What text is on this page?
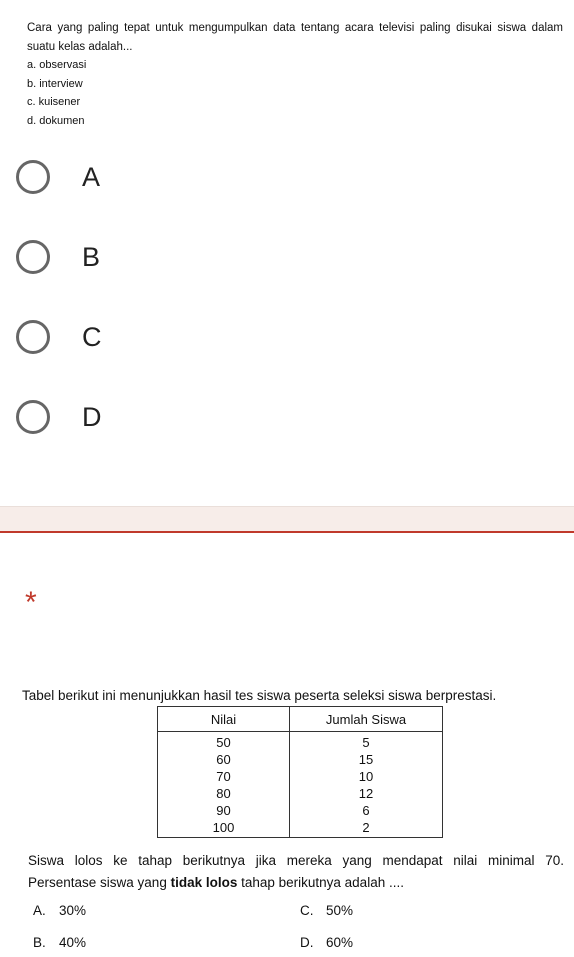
Cara yang paling tepat untuk mengumpulkan data tentang acara televisi paling disukai siswa dalam suatu kelas adalah...
a. observasi
b. interview
c. kuisener
d. dokumen
A
B
C
D
*
Tabel berikut ini menunjukkan hasil tes siswa peserta seleksi siswa berprestasi.
Nilai	Jumlah Siswa
50	5
60	15
70	10
80	12
90	6
100	2
Siswa lolos ke tahap berikutnya jika mereka yang mendapat nilai minimal 70.
Persentase siswa yang tidak lolos tahap berikutnya adalah ....
A. 30%	C. 50%
B. 40%	D. 60%
